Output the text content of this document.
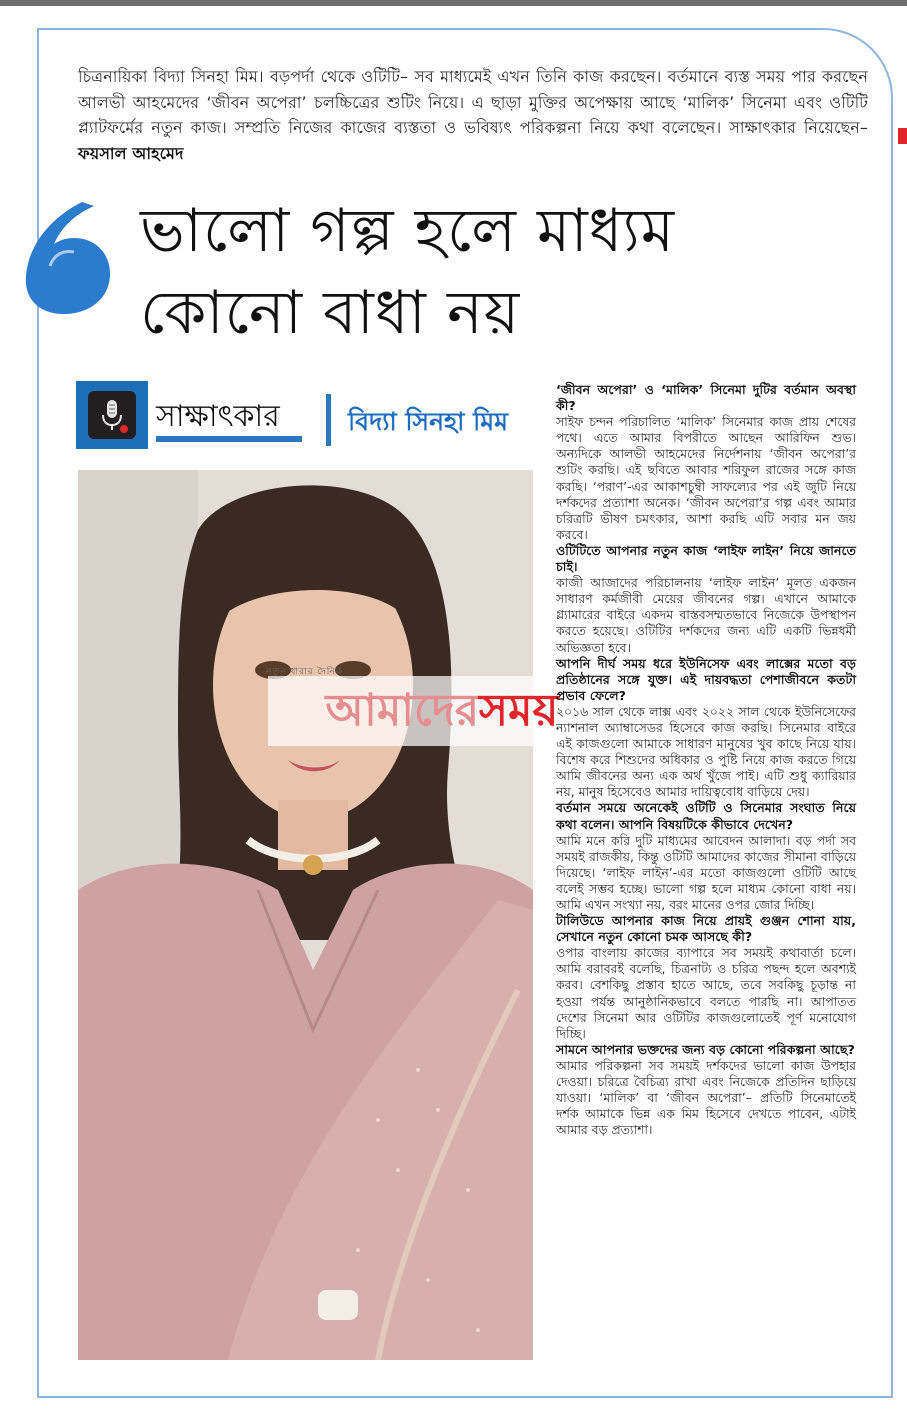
চিত্রনায়িকা বিদ্যা সিনহা মিম। বড়পর্দা থেকে ওটিটি– সব মাধ্যমেই এখন তিনি কাজ করছেন। বর্তমানে ব্যস্ত সময় পার করছেন আলভী আহমেদের ‘জীবন অপেরা’ চলচ্চিত্রের শুটিং নিয়ে। এ ছাড়া মুক্তির অপেক্ষায় আছে ‘মালিক’ সিনেমা এবং ওটিটি প্ল্যাটফর্মের নতুন কাজ। সম্প্রতি নিজের কাজের ব্যস্ততা ও ভবিষ্যৎ পরিকল্পনা নিয়ে কথা বলেছেন। সাক্ষাৎকার নিয়েছেন– ফয়সাল আহমেদ
ভালো গল্প হলে মাধ্যম
কোনো বাধা নয়
সাক্ষাৎকার	বিদ্যা সিনহা মিম
নতুন ধারার দৈনিক
আমাদেরসময়

‘জীবন অপেরা’ ও ‘মালিক’ সিনেমা দুটির বর্তমান অবস্থা কী?

সাইফ চন্দন পরিচালিত ‘মালিক’ সিনেমার কাজ প্রায় শেষের পথে। এতে আমার বিপরীতে আছেন আরিফিন শুভ। অন্যদিকে আলভী আহমেদের নির্দেশনায় ‘জীবন অপেরা’র শুটিং করছি। এই ছবিতে আবার শরিফুল রাজের সঙ্গে কাজ করছি। ‘পরাণ’-এর আকাশচুম্বী সাফল্যের পর এই জুটি নিয়ে দর্শকদের প্রত্যাশা অনেক। ‘জীবন অপেরা’র গল্প এবং আমার চরিত্রটি ভীষণ চমৎকার, আশা করছি এটি সবার মন জয় করবে।

ওটিটিতে আপনার নতুন কাজ ‘লাইফ লাইন’ নিয়ে জানতে চাই।

কাজী আজাদের পরিচালনায় ‘লাইফ লাইন’ মূলত একজন সাধারণ কর্মজীবী মেয়ের জীবনের গল্প। এখানে আমাকে গ্ল্যামারের বাইরে একদম বাস্তবসম্মতভাবে নিজেকে উপস্থাপন করতে হয়েছে। ওটিটির দর্শকদের জন্য এটি একটি ভিন্নধর্মী অভিজ্ঞতা হবে।

আপনি দীর্ঘ সময় ধরে ইউনিসেফ এবং লাক্সের মতো বড় প্রতিষ্ঠানের সঙ্গে যুক্ত। এই দায়বদ্ধতা পেশাজীবনে কতটা প্রভাব ফেলে?

২০১৬ সাল থেকে লাক্স এবং ২০২২ সাল থেকে ইউনিসেফের ন্যাশনাল অ্যাম্বাসেডর হিসেবে কাজ করছি। সিনেমার বাইরে এই কাজগুলো আমাকে সাধারণ মানুষের খুব কাছে নিয়ে যায়। বিশেষ করে শিশুদের অধিকার ও পুষ্টি নিয়ে কাজ করতে গিয়ে আমি জীবনের অন্য এক অর্থ খুঁজে পাই। এটি শুধু ক্যারিয়ার নয়, মানুষ হিসেবেও আমার দায়িত্ববোধ বাড়িয়ে দেয়।

বর্তমান সময়ে অনেকেই ওটিটি ও সিনেমার সংঘাত নিয়ে কথা বলেন। আপনি বিষয়টিকে কীভাবে দেখেন?

আমি মনে করি দুটি মাধ্যমের আবেদন আলাদা। বড় পর্দা সব সময়ই রাজকীয়, কিন্তু ওটিটি আমাদের কাজের সীমানা বাড়িয়ে দিয়েছে। ‘লাইফ লাইন’-এর মতো কাজগুলো ওটিটি আছে বলেই সম্ভব হচ্ছে। ভালো গল্প হলে মাধ্যম কোনো বাধা নয়। আমি এখন সংখ্যা নয়, বরং মানের ওপর জোর দিচ্ছি।

টালিউডে আপনার কাজ নিয়ে প্রায়ই গুঞ্জন শোনা যায়, সেখানে নতুন কোনো চমক আসছে কী?

ওপার বাংলায় কাজের ব্যাপারে সব সময়ই কথাবার্তা চলে। আমি বরাবরই বলেছি, চিত্রনাট্য ও চরিত্র পছন্দ হলে অবশ্যই করব। বেশকিছু প্রস্তাব হাতে আছে, তবে সবকিছু চূড়ান্ত না হওয়া পর্যন্ত আনুষ্ঠানিকভাবে বলতে পারছি না। আপাতত দেশের সিনেমা আর ওটিটির কাজগুলোতেই পূর্ণ মনোযোগ দিচ্ছি।

সামনে আপনার ভক্তদের জন্য বড় কোনো পরিকল্পনা আছে?

আমার পরিকল্পনা সব সময়ই দর্শকদের ভালো কাজ উপহার দেওয়া। চরিত্রে বৈচিত্র্য রাখা এবং নিজেকে প্রতিদিন ছাড়িয়ে যাওয়া। ‘মালিক’ বা ‘জীবন অপেরা’– প্রতিটি সিনেমাতেই দর্শক আমাকে ভিন্ন এক মিম হিসেবে দেখতে পাবেন, এটাই আমার বড় প্রত্যাশা।
